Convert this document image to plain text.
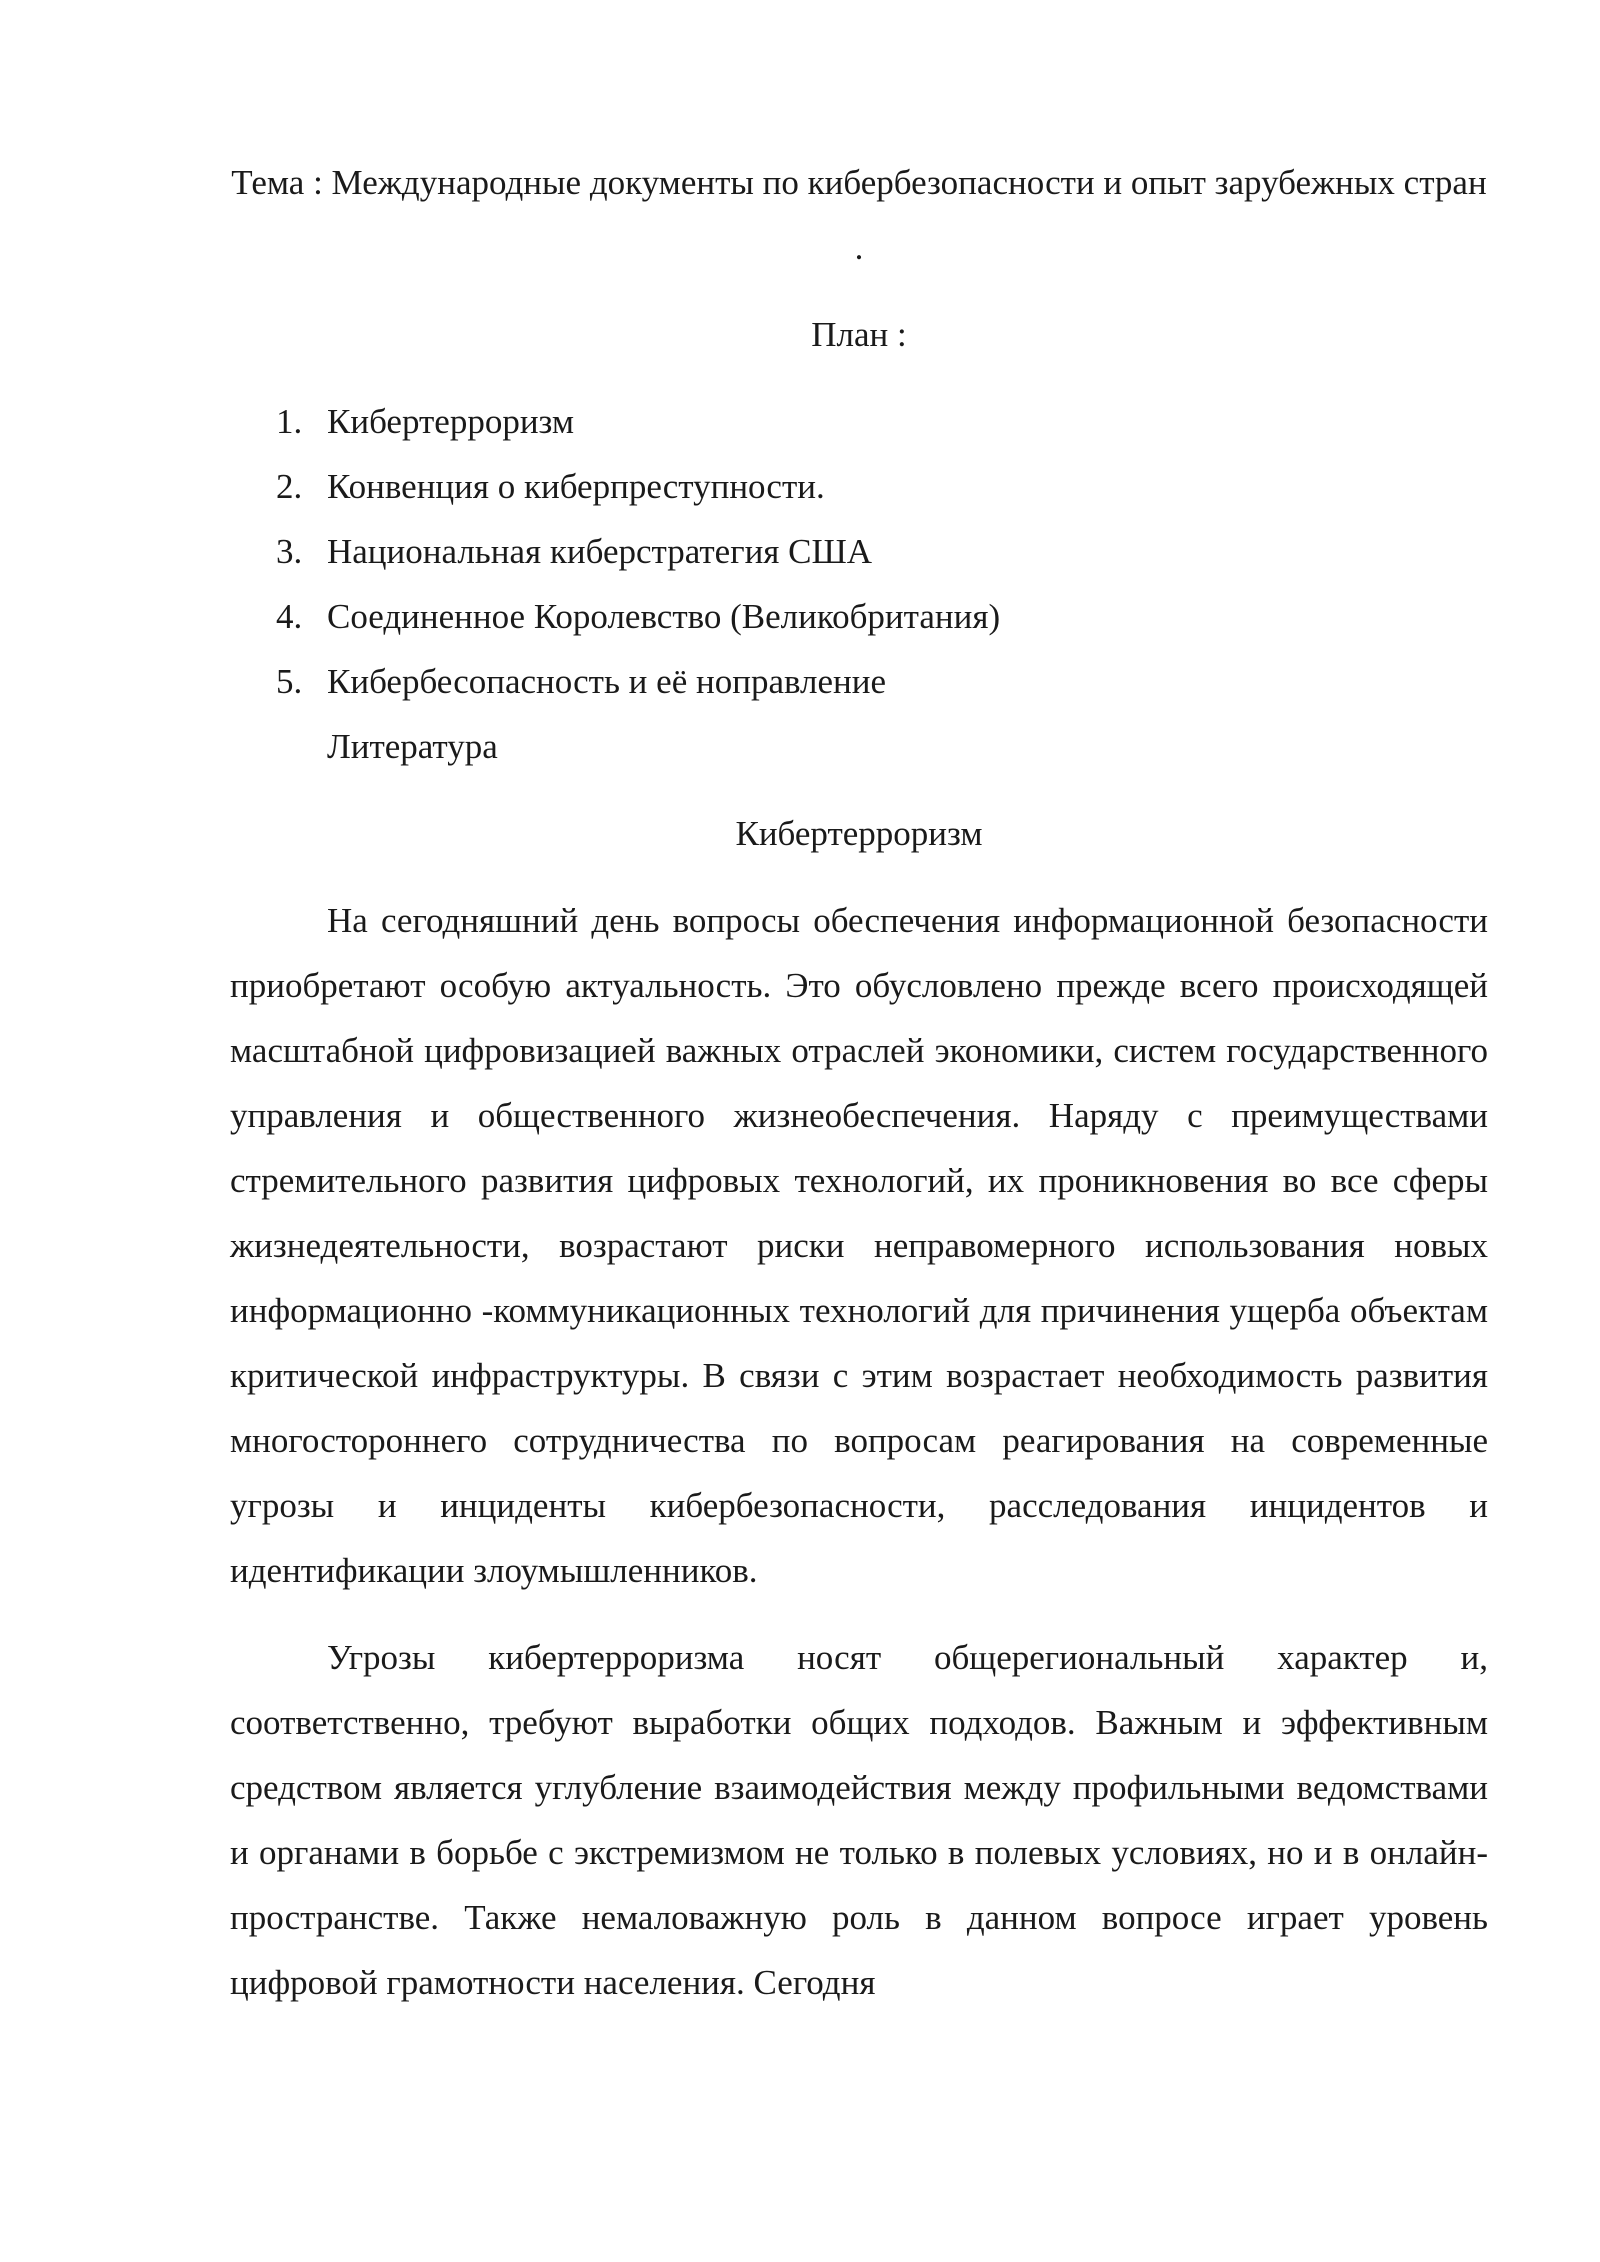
Тема : Международные документы по кибербезопасности и опыт зарубежных стран .
План :
1. Кибертерроризм
2. Конвенция о киберпреступности.
3. Национальная киберстратегия США
4. Соединенное Королевство (Великобритания)
5. Кибербесопасность и её ноправление
Литература
Кибертерроризм

На сегодняшний день вопросы обеспечения информационной безопасности приобретают особую актуальность. Это обусловлено прежде всего происходящей масштабной цифровизацией важных отраслей экономики, систем государственного управления и общественного жизнеобеспечения. Наряду с преимуществами стремительного развития цифровых технологий, их проникновения во все сферы жизнедеятельности, возрастают риски неправомерного использования новых информационно -коммуникационных технологий для причинения ущерба объектам критической инфраструктуры. В связи с этим возрастает необходимость развития многостороннего сотрудничества по вопросам реагирования на современные угрозы и инциденты кибербезопасности, расследования инцидентов и идентификации злоумышленников.

Угрозы кибертерроризма носят общерегиональный характер и, соответственно, требуют выработки общих подходов. Важным и эффективным средством является углубление взаимодействия между профильными ведомствами и органами в борьбе с экстремизмом не только в полевых условиях, но и в онлайн-пространстве. Также немаловажную роль в данном вопросе играет уровень цифровой грамотности населения. Сегодня
